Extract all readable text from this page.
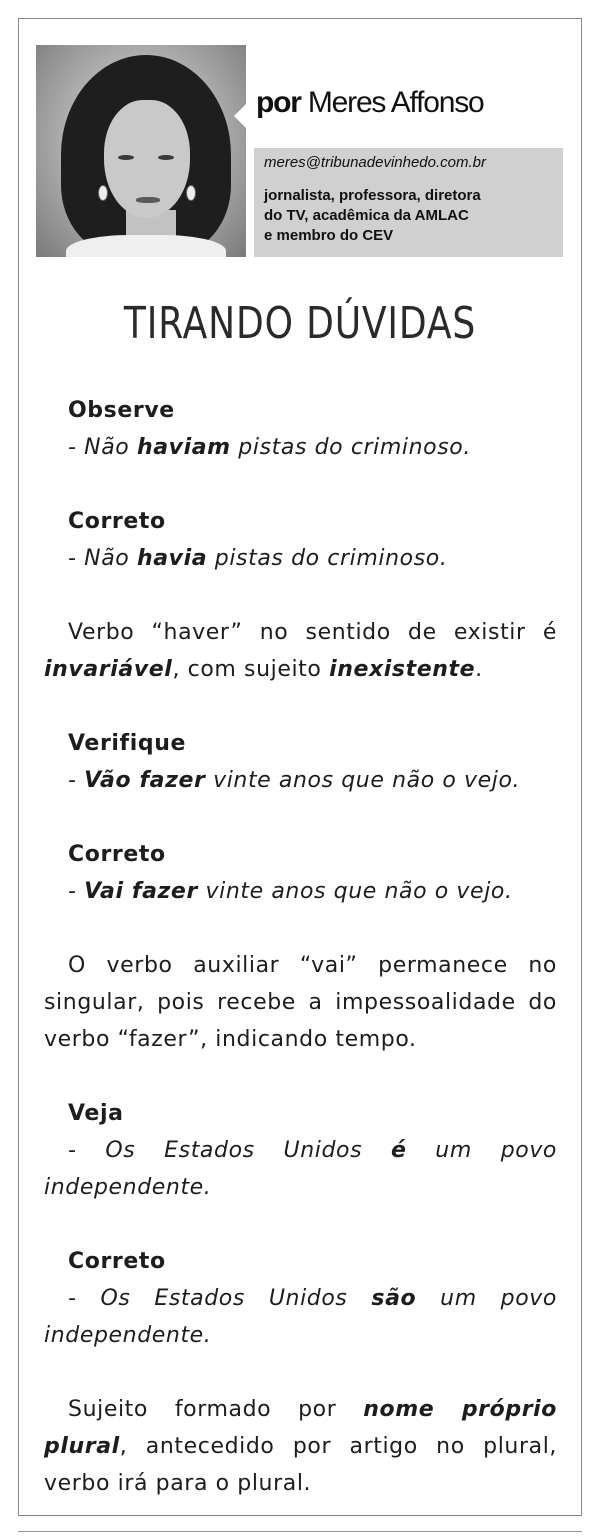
por Meres Affonso
meres@tribunadevinhedo.com.br
jornalista, professora, diretora
do TV, acadêmica da AMLAC
e membro do CEV
TIRANDO DÚVIDAS

Observe

- Não haviam pistas do criminoso.

Correto

- Não havia pistas do criminoso.

Verbo “haver” no sentido de existir é invariável, com sujeito inexistente.

Verifique

- Vão fazer vinte anos que não o vejo.

Correto

- Vai fazer vinte anos que não o vejo.

O verbo auxiliar “vai” permanece no singular, pois recebe a impessoalidade do verbo “fazer”, indicando tempo.

Veja

- Os Estados Unidos é um povo independente.

Correto

- Os Estados Unidos são um povo independente.

Sujeito formado por nome próprio plural, antecedido por artigo no plural, verbo irá para o plural.
